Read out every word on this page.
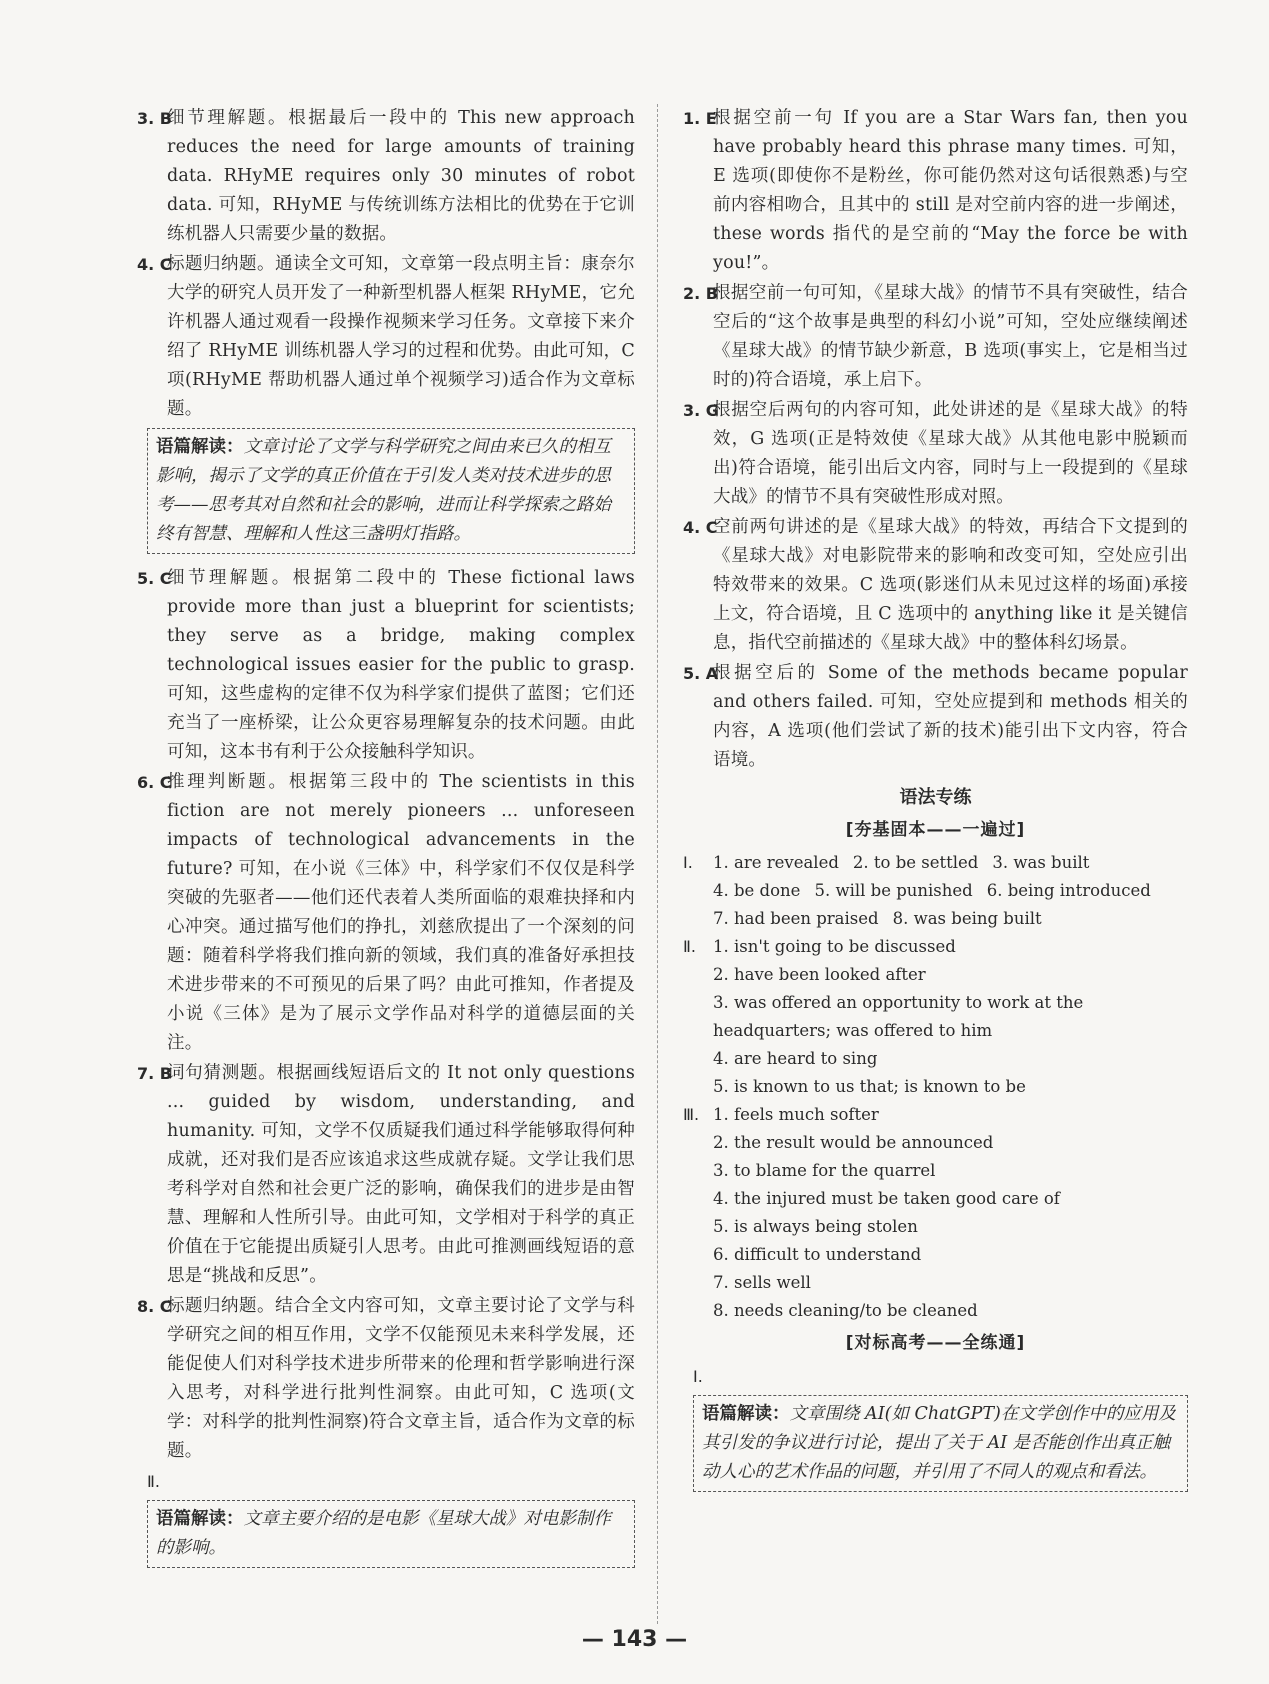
3. B
细节理解题。根据最后一段中的 This new approach reduces the need for large amounts of training data. RHyME requires only 30 minutes of robot data. 可知，RHyME 与传统训练方法相比的优势在于它训练机器人只需要少量的数据。
4. C
标题归纳题。通读全文可知，文章第一段点明主旨：康奈尔大学的研究人员开发了一种新型机器人框架 RHyME，它允许机器人通过观看一段操作视频来学习任务。文章接下来介绍了 RHyME 训练机器人学习的过程和优势。由此可知，C 项(RHyME 帮助机器人通过单个视频学习)适合作为文章标题。
语篇解读：文章讨论了文学与科学研究之间由来已久的相互影响，揭示了文学的真正价值在于引发人类对技术进步的思考——思考其对自然和社会的影响，进而让科学探索之路始终有智慧、理解和人性这三盏明灯指路。
5. C
细节理解题。根据第二段中的 These fictional laws provide more than just a blueprint for scientists; they serve as a bridge, making complex technological issues easier for the public to grasp. 可知，这些虚构的定律不仅为科学家们提供了蓝图；它们还充当了一座桥梁，让公众更容易理解复杂的技术问题。由此可知，这本书有利于公众接触科学知识。
6. C
推理判断题。根据第三段中的 The scientists in this fiction are not merely pioneers ... unforeseen impacts of technological advancements in the future? 可知，在小说《三体》中，科学家们不仅仅是科学突破的先驱者——他们还代表着人类所面临的艰难抉择和内心冲突。通过描写他们的挣扎，刘慈欣提出了一个深刻的问题：随着科学将我们推向新的领域，我们真的准备好承担技术进步带来的不可预见的后果了吗？由此可推知，作者提及小说《三体》是为了展示文学作品对科学的道德层面的关注。
7. B
词句猜测题。根据画线短语后文的 It not only questions ... guided by wisdom, understanding, and humanity. 可知，文学不仅质疑我们通过科学能够取得何种成就，还对我们是否应该追求这些成就存疑。文学让我们思考科学对自然和社会更广泛的影响，确保我们的进步是由智慧、理解和人性所引导。由此可知，文学相对于科学的真正价值在于它能提出质疑引人思考。由此可推测画线短语的意思是“挑战和反思”。
8. C
标题归纳题。结合全文内容可知，文章主要讨论了文学与科学研究之间的相互作用，文学不仅能预见未来科学发展，还能促使人们对科学技术进步所带来的伦理和哲学影响进行深入思考，对科学进行批判性洞察。由此可知，C 选项(文学：对科学的批判性洞察)符合文章主旨，适合作为文章的标题。
Ⅱ.
语篇解读：文章主要介绍的是电影《星球大战》对电影制作的影响。
1. E
根据空前一句 If you are a Star Wars fan, then you have probably heard this phrase many times. 可知，E 选项(即使你不是粉丝，你可能仍然对这句话很熟悉)与空前内容相吻合，且其中的 still 是对空前内容的进一步阐述，these words 指代的是空前的“May the force be with you!”。
2. B
根据空前一句可知，《星球大战》的情节不具有突破性，结合空后的“这个故事是典型的科幻小说”可知，空处应继续阐述《星球大战》的情节缺少新意，B 选项(事实上，它是相当过时的)符合语境，承上启下。
3. G
根据空后两句的内容可知，此处讲述的是《星球大战》的特效，G 选项(正是特效使《星球大战》从其他电影中脱颖而出)符合语境，能引出后文内容，同时与上一段提到的《星球大战》的情节不具有突破性形成对照。
4. C
空前两句讲述的是《星球大战》的特效，再结合下文提到的《星球大战》对电影院带来的影响和改变可知，空处应引出特效带来的效果。C 选项(影迷们从未见过这样的场面)承接上文，符合语境，且 C 选项中的 anything like it 是关键信息，指代空前描述的《星球大战》中的整体科幻场景。
5. A
根据空后的 Some of the methods became popular and others failed. 可知，空处应提到和 methods 相关的内容，A 选项(他们尝试了新的技术)能引出下文内容，符合语境。
语法专练
[夯基固本——一遍过]
Ⅰ. 1. are revealed 2. to be settled 3. was built
4. be done 5. will be punished 6. being introduced
7. had been praised 8. was being built
Ⅱ. 1. isn't going to be discussed
2. have been looked after
3. was offered an opportunity to work at the headquarters; was offered to him
4. are heard to sing
5. is known to us that; is known to be
Ⅲ. 1. feels much softer
2. the result would be announced
3. to blame for the quarrel
4. the injured must be taken good care of
5. is always being stolen
6. difficult to understand
7. sells well
8. needs cleaning/to be cleaned
[对标高考——全练通]
Ⅰ.
语篇解读：文章围绕 AI(如 ChatGPT)在文学创作中的应用及其引发的争议进行讨论，提出了关于 AI 是否能创作出真正触动人心的艺术作品的问题，并引用了不同人的观点和看法。
— 143 —
